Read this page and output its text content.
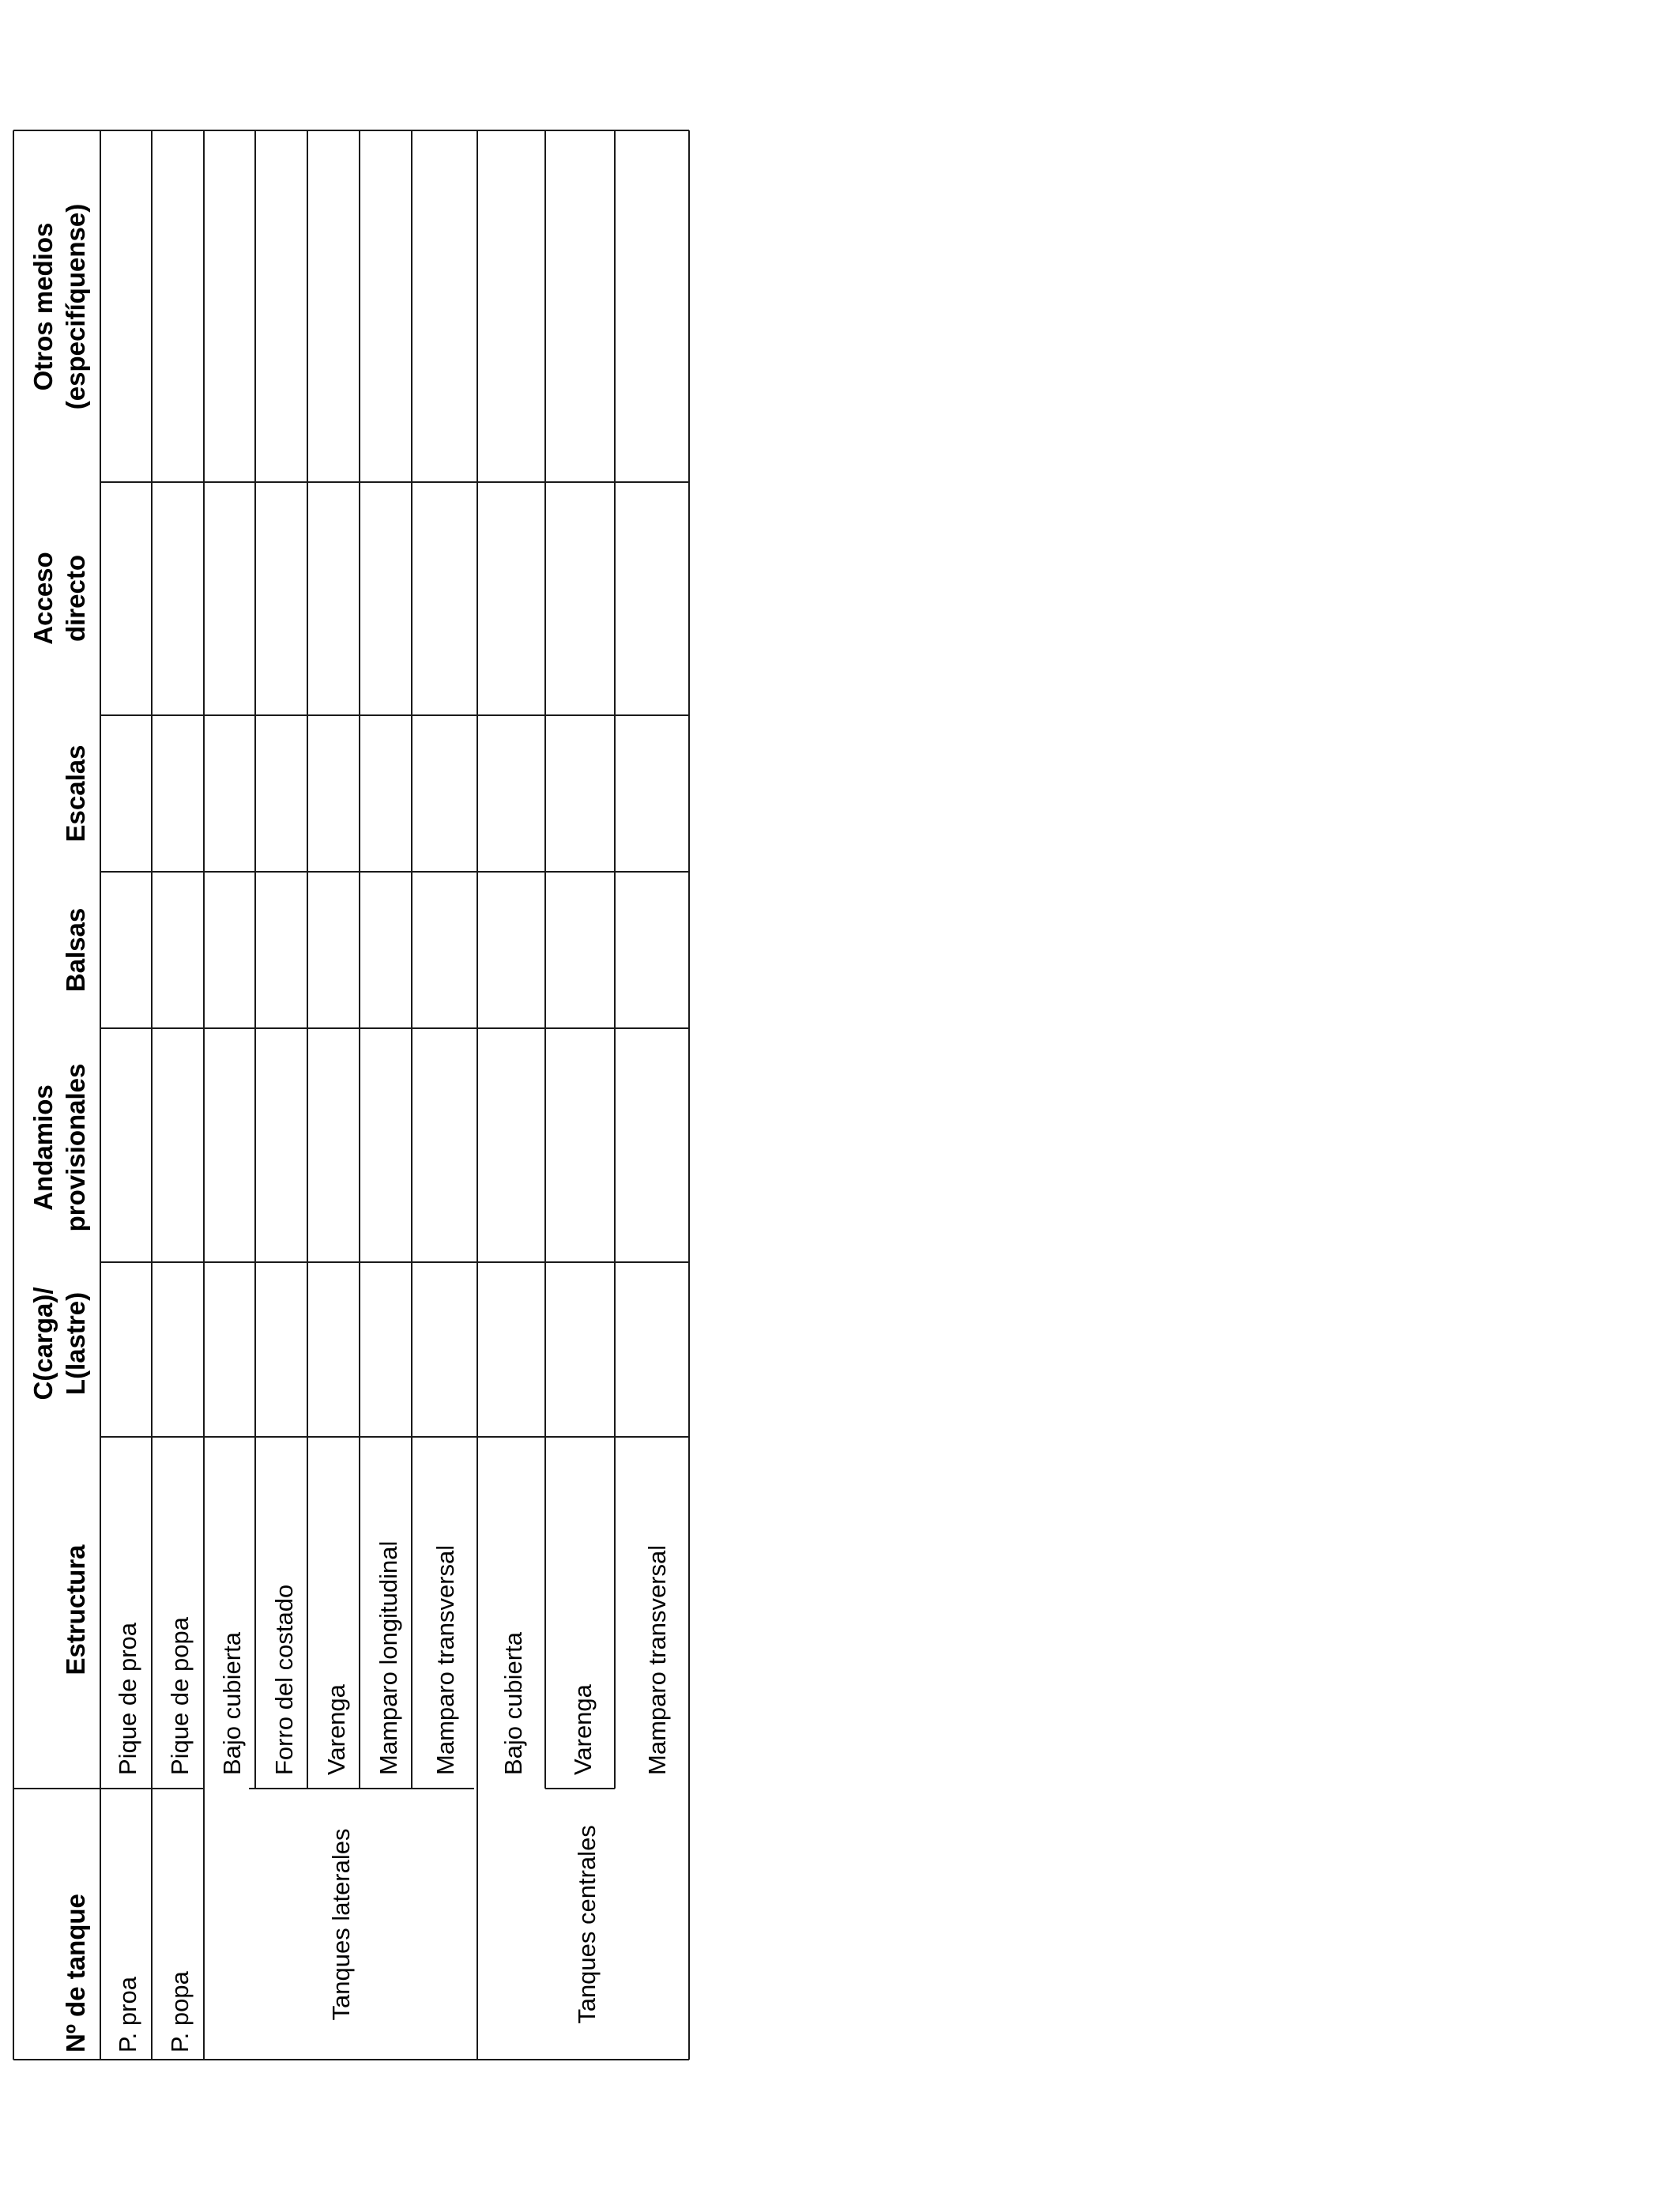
Nº de tanque
Estructura
C(carga)/ L(lastre)
Andamios provisionales
Balsas
Escalas
Acceso directo
Otros medios (especifíquense)
P. proa P. popa	Tanques laterales	Tanques centrales
Pique de proa Pique de popa Bajo cubierta Forro del costado Varenga Mamparo longitudinal Mamparo transversal Bajo cubierta Varenga Mamparo transversal
